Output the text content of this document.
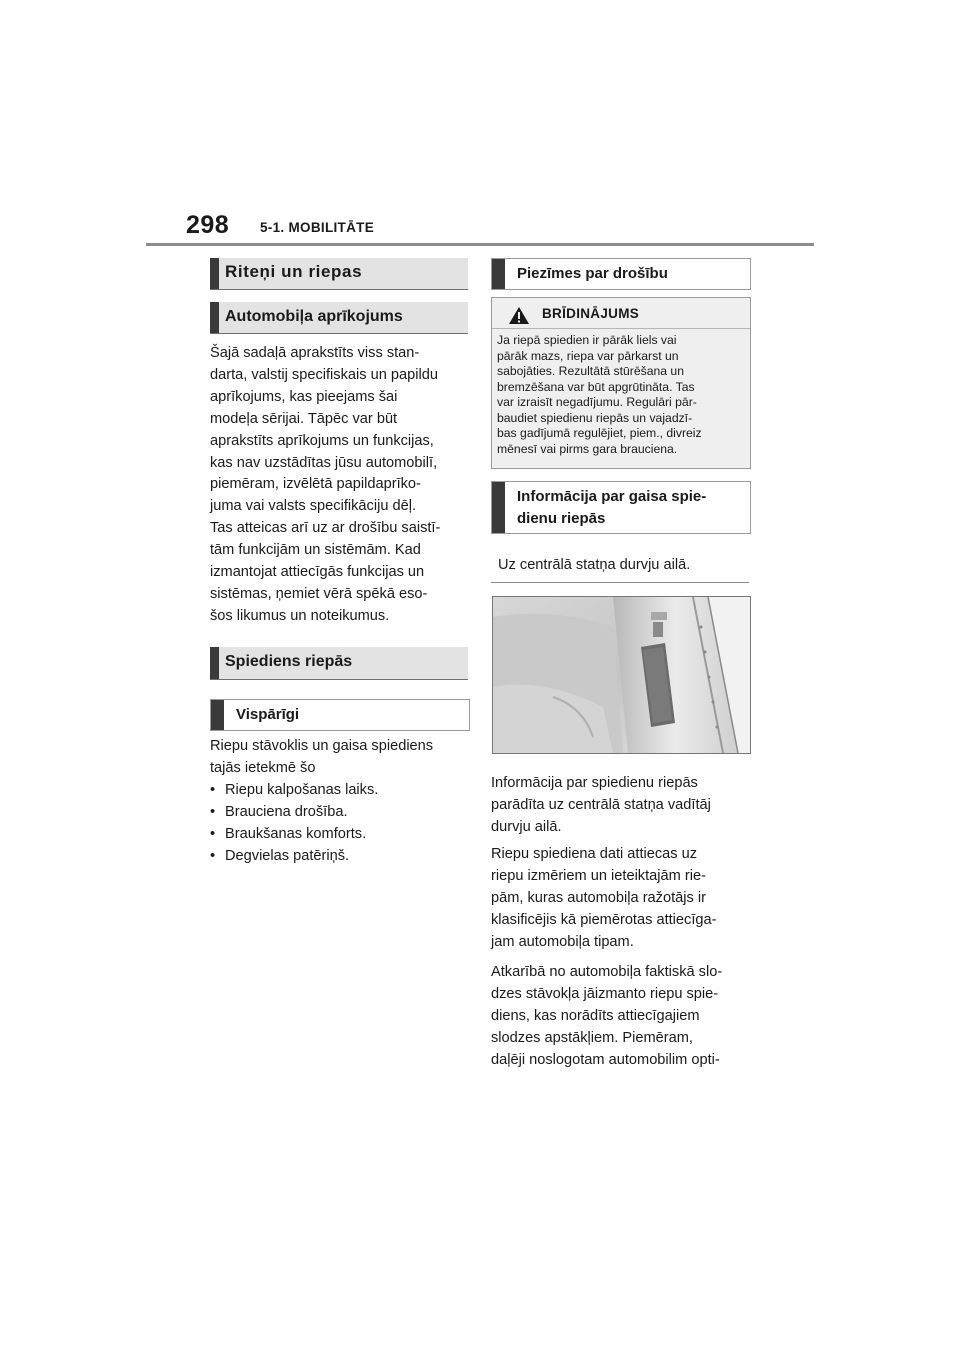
298 5-1. MOBILITĀTE
Riteņi un riepas
Automobiļa aprīkojums

Šajā sadaļā aprakstīts viss stan-

darta, valstij specifiskais un papildu

aprīkojums, kas pieejams šai

modeļa sērijai. Tāpēc var būt

aprakstīts aprīkojums un funkcijas,

kas nav uzstādītas jūsu automobilī,

piemēram, izvēlētā papildaprīko-

juma vai valsts specifikāciju dēļ.

Tas atteicas arī uz ar drošību saistī-

tām funkcijām un sistēmām. Kad

izmantojat attiecīgās funkcijas un

sistēmas, ņemiet vērā spēkā eso-

šos likumus un noteikumus.

Spiediens riepās
Vispārīgi

Riepu stāvoklis un gaisa spiediens

tajās ietekmē šo

• Riepu kalpošanas laiks.
• Brauciena drošība.
• Braukšanas komforts.
• Degvielas patēriņš.
Piezīmes par drošību
BRĪDINĀJUMS
Ja riepā spiedien ir pārāk liels vai
pārāk mazs, riepa var pārkarst un
sabojāties. Rezultātā stūrēšana un
bremzēšana var būt apgrūtināta. Tas
var izraisīt negadījumu. Regulāri pār-
baudiet spiedienu riepās un vajadzī-
bas gadījumā regulējiet, piem., divreiz
mēnesī vai pirms gara brauciena.
Informācija par gaisa spie-
dienu riepās
Uz centrālā statņa durvju ailā.

Informācija par spiedienu riepās

parādīta uz centrālā statņa vadītāj

durvju ailā.

Riepu spiediena dati attiecas uz

riepu izmēriem un ieteiktajām rie-

pām, kuras automobiļa ražotājs ir

klasificējis kā piemērotas attiecīga-

jam automobiļa tipam.

Atkarībā no automobiļa faktiskā slo-

dzes stāvokļa jāizmanto riepu spie-

diens, kas norādīts attiecīgajiem

slodzes apstākļiem. Piemēram,

daļēji noslogotam automobilim opti-
